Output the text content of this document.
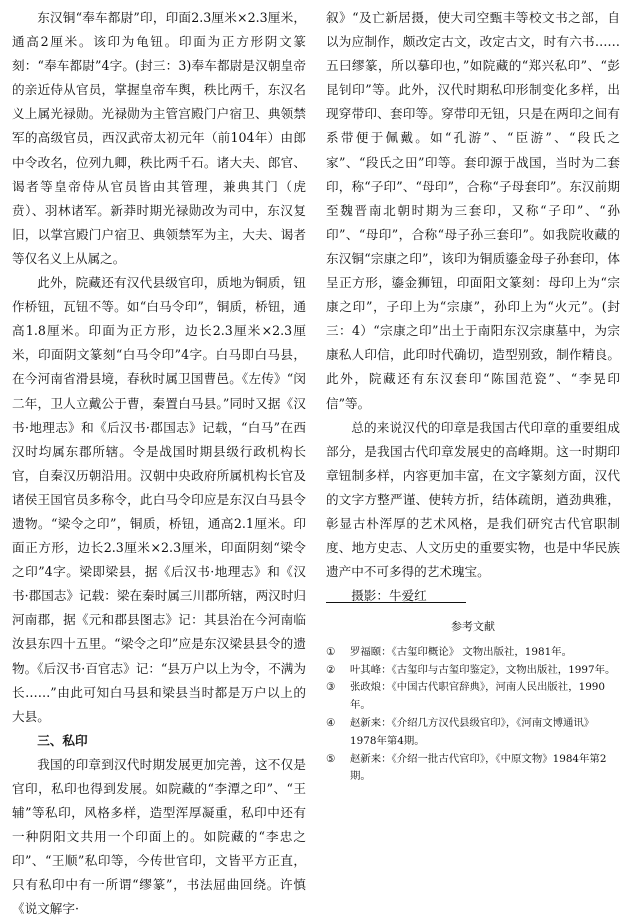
东汉铜“奉车都尉”印，印面2.3厘米×2.3厘米，通高2厘米。该印为龟钮。印面为正方形阴文篆刻：“奉车都尉”4字。(封三：3)奉车都尉是汉朝皇帝的亲近侍从官员，掌握皇帝车舆，秩比两千，东汉名义上属光禄勋。光禄勋为主管宫殿门户宿卫、典领禁军的高级官员，西汉武帝太初元年（前104年）由郎中令改名，位列九卿，秩比两千石。诸大夫、郎官、谒者等皇帝侍从官员皆由其管理，兼典其门（虎贲）、羽林诸军。新莽时期光禄勋改为司中，东汉复旧，以掌宫殿门户宿卫、典领禁军为主，大夫、谒者等仅名义上从属之。

此外，院藏还有汉代县级官印，质地为铜质，钮作桥钮，瓦钮不等。如“白马令印”，铜质，桥钮，通高1.8厘米。印面为正方形，边长2.3厘米×2.3厘米，印面阴文篆刻“白马令印”4字。白马即白马县，在今河南省滑县境，春秋时属卫国曹邑。《左传》“闵二年，卫人立戴公于曹，秦置白马县。”同时又据《汉书·地理志》和《后汉书·郡国志》记载，“白马”在西汉时均属东郡所辖。令是战国时期县级行政机构长官，自秦汉历朝沿用。汉朝中央政府所属机构长官及诸侯王国官员多称令，此白马令印应是东汉白马县令遗物。“梁令之印”，铜质，桥钮，通高2.1厘米。印面正方形，边长2.3厘米×2.3厘米，印面阴刻“梁令之印”4字。梁即梁县，据《后汉书·地理志》和《汉书·郡国志》记载：梁在秦时属三川郡所辖，两汉时归河南郡，据《元和郡县图志》记：其县治在今河南临汝县东四十五里。“梁令之印”应是东汉梁县县令的遗物。《后汉书·百官志》记：“县万户以上为令，不满为长……”由此可知白马县和梁县当时都是万户以上的大县。

三、私印

我国的印章到汉代时期发展更加完善，这不仅是官印，私印也得到发展。如院藏的“李潭之印”、“王辅”等私印，风格多样，造型浑厚凝重，私印中还有一种阴阳文共用一个印面上的。如院藏的“李忠之印”、“王顺”私印等，今传世官印，文皆平方正直，只有私印中有一所谓“缪篆”，书法屈曲回绕。许慎《说文解字·

叙》“及亡新居摄，使大司空甄丰等校文书之部，自以为应制作，颇改定古文，改定古文，时有六书……五曰缪篆，所以摹印也，”如院藏的“郑兴私印”、“彭昆钊印”等。此外，汉代时期私印形制变化多样，出现穿带印、套印等。穿带印无钮，只是在两印之间有系带便于佩戴。如“孔游”、“臣游”、“段氏之家”、“段氏之田”印等。套印源于战国，当时为二套印，称“子印”、“母印”，合称“子母套印”。东汉前期至魏晋南北朝时期为三套印，又称“子印”、“孙印”、“母印”，合称“母子孙三套印”。如我院收藏的东汉铜“宗康之印”，该印为铜质鎏金母子孙套印，体呈正方形，鎏金狮钮，印面阳文篆刻：母印上为“宗康之印”，子印上为“宗康”，孙印上为“火元”。(封三：4）“宗康之印”出土于南阳东汉宗康墓中，为宗康私人印信，此印时代确切，造型别致，制作精良。此外，院藏还有东汉套印“陈国范瓷”、“李晃印信”等。

总的来说汉代的印章是我国古代印章的重要组成部分，是我国古代印章发展史的高峰期。这一时期印章钮制多样，内容更加丰富，在文字篆刻方面，汉代的文字方整严谨、使转方折，结体疏朗，遒劲典雅，彰显古朴浑厚的艺术风格，是我们研究古代官职制度、地方史志、人文历史的重要实物，也是中华民族遗产中不可多得的艺术瑰宝。

摄影：牛爱红

参考文献
①	罗福颐：《古玺印概论》 文物出版社，1981年。
②	叶其峰：《古玺印与古玺印鉴定》，文物出版社，1997年。
③	张政烺：《中国古代职官辞典》，河南人民出版社，1990年。
④	赵新来：《介绍几方汉代县级官印》，《河南文博通讯》1978年第4期。
⑤	赵新来：《介绍一批古代官印》，《中原文物》1984年第2期。
